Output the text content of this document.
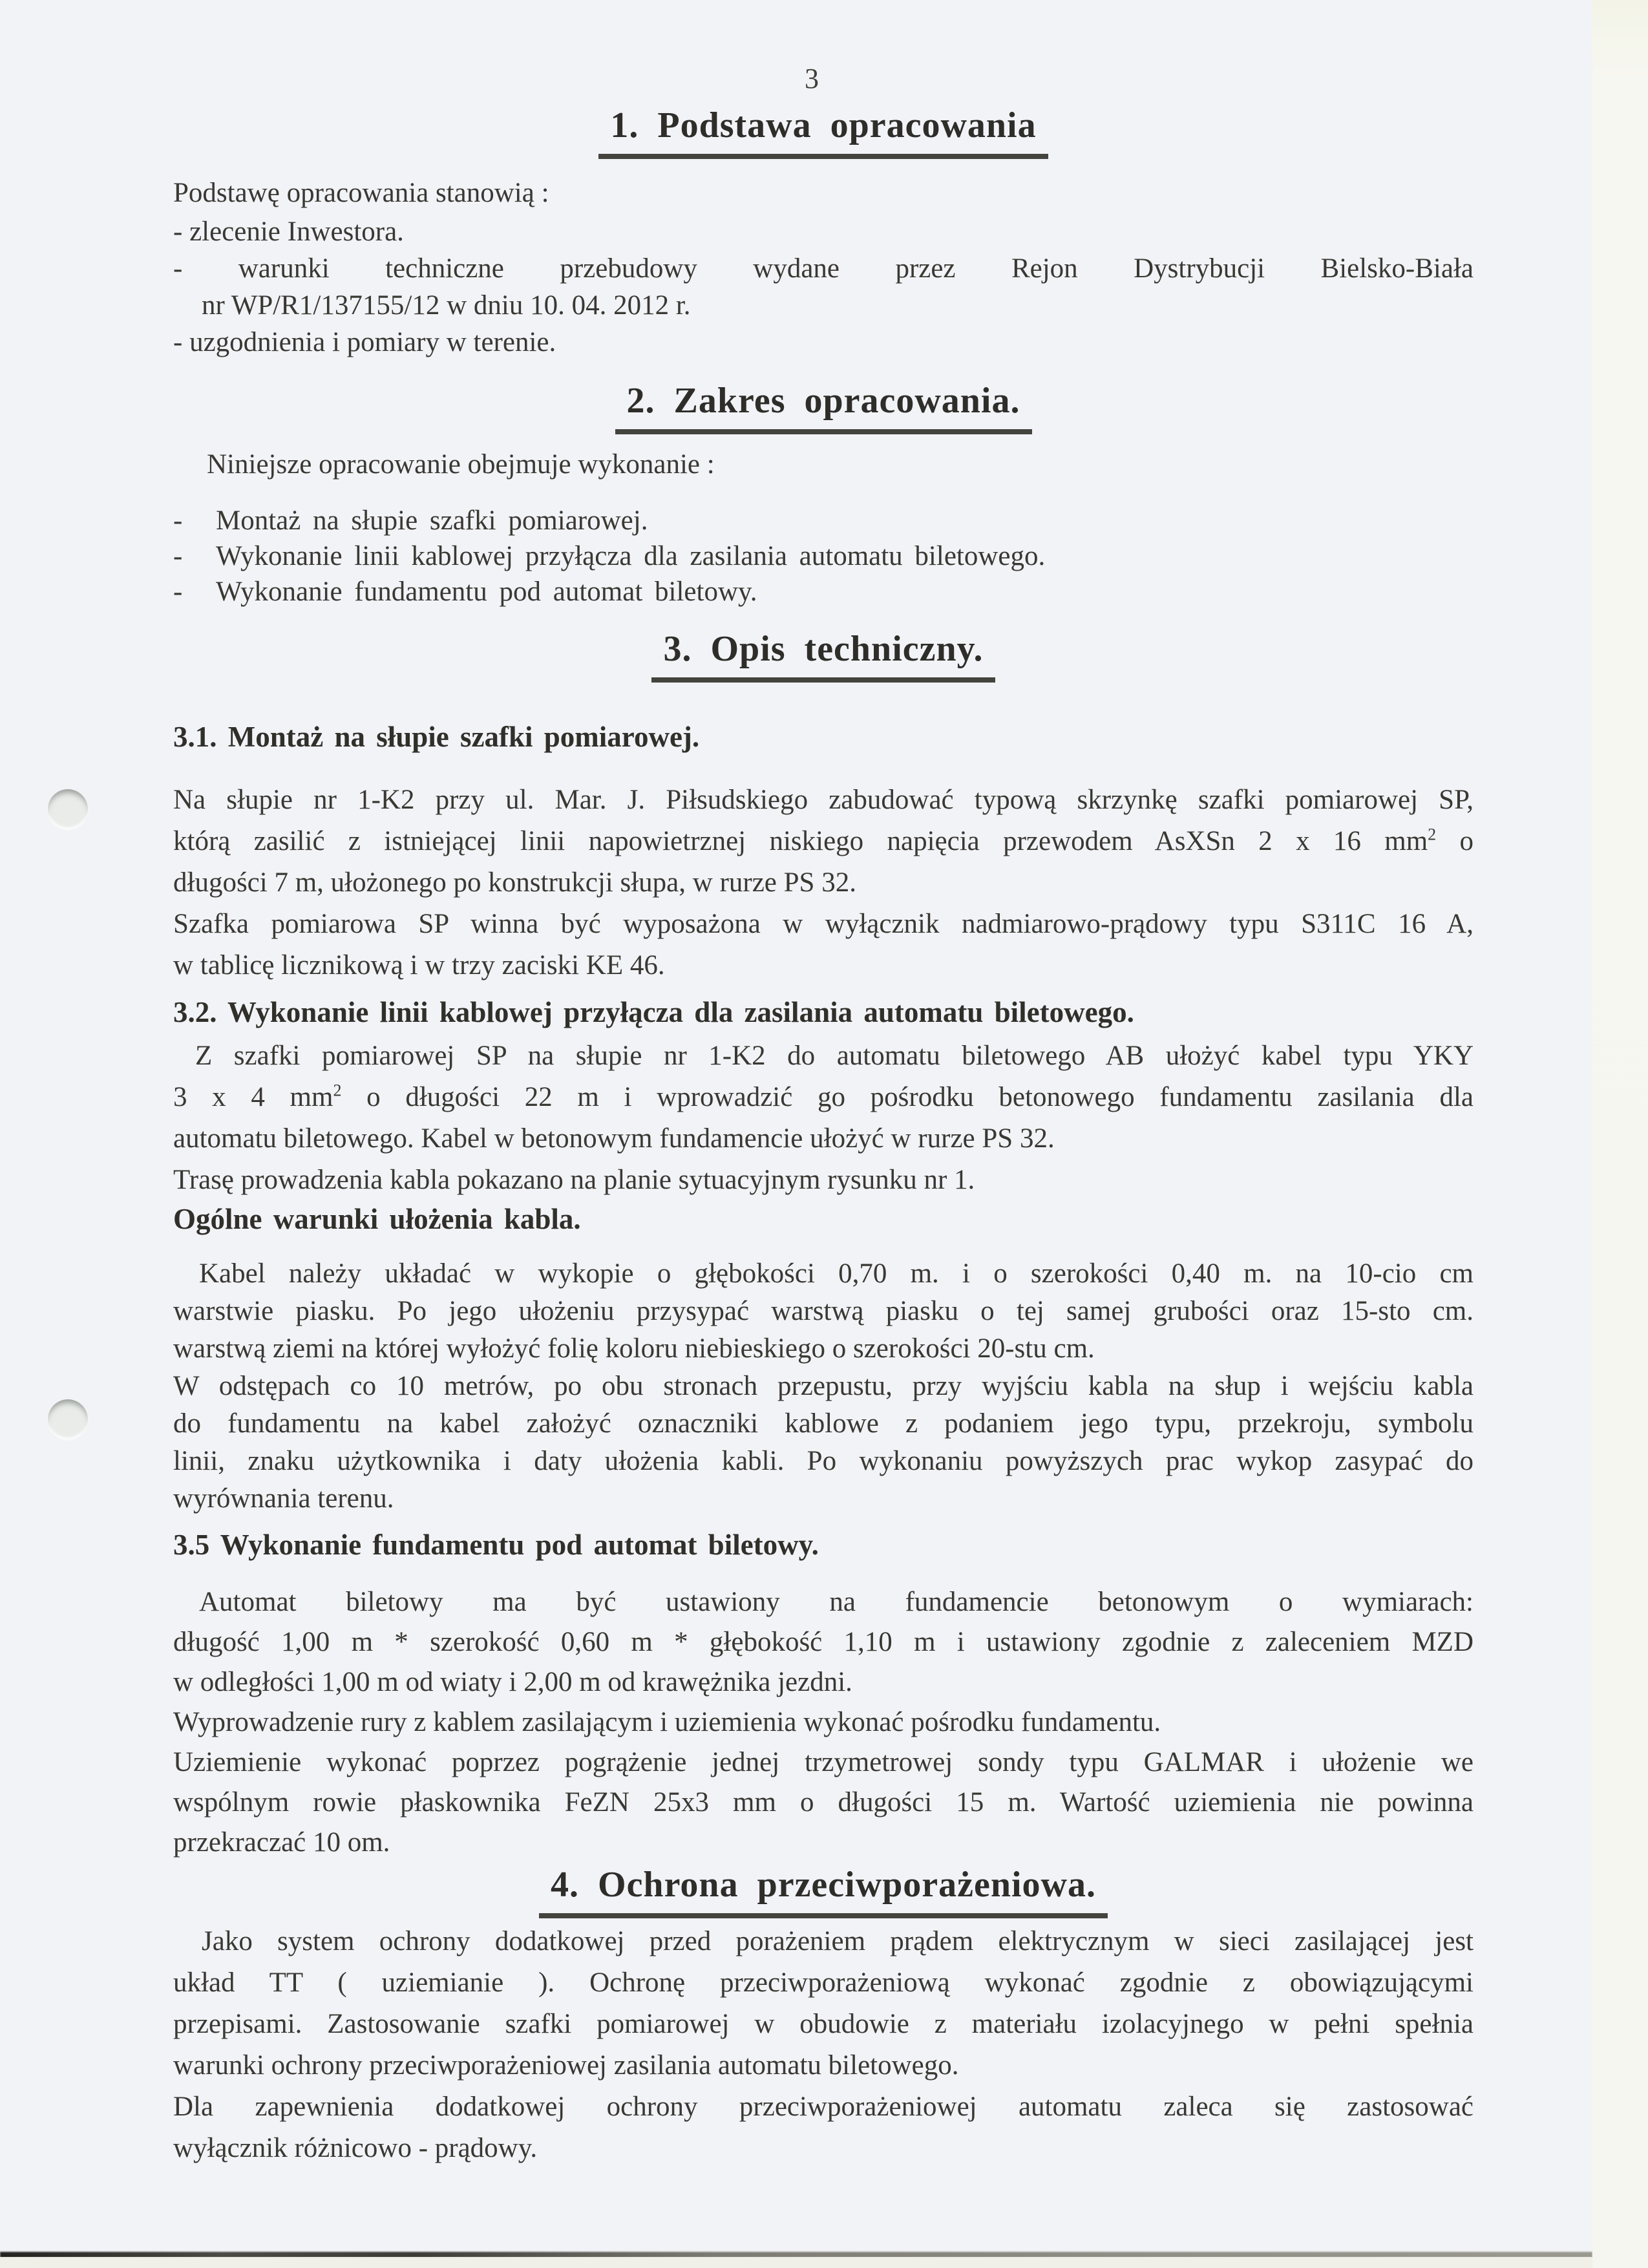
3
1. Podstawa opracowania
Podstawę opracowania stanowią :
- zlecenie Inwestora.
- warunki techniczne przebudowy wydane przez Rejon Dystrybucji Bielsko-Biała
nr WP/R1/137155/12 w dniu 10. 04. 2012 r.
- uzgodnienia i pomiary w terenie.
2. Zakres opracowania.
Niniejsze opracowanie obejmuje wykonanie :
-	Montaż na słupie szafki pomiarowej.
-	Wykonanie linii kablowej przyłącza dla zasilania automatu biletowego.
-	Wykonanie fundamentu pod automat biletowy.
3. Opis techniczny.
3.1. Montaż na słupie szafki pomiarowej.
Na słupie nr 1-K2 przy ul. Mar. J. Piłsudskiego zabudować typową skrzynkę szafki pomiarowej SP,
którą zasilić z istniejącej linii napowietrznej niskiego napięcia przewodem AsXSn 2 x 16 $mm^2$ o
długości 7 m, ułożonego po konstrukcji słupa, w rurze PS 32.
Szafka pomiarowa SP winna być wyposażona w wyłącznik nadmiarowo-prądowy typu S311C 16 A,
w tablicę licznikową i w trzy zaciski KE 46.
3.2. Wykonanie linii kablowej przyłącza dla zasilania automatu biletowego.
Z szafki pomiarowej SP na słupie nr 1-K2 do automatu biletowego AB ułożyć kabel typu YKY
3 x 4 $mm^2$ o długości 22 m i wprowadzić go pośrodku betonowego fundamentu zasilania dla
automatu biletowego. Kabel w betonowym fundamencie ułożyć w rurze PS 32.
Trasę prowadzenia kabla pokazano na planie sytuacyjnym rysunku nr 1.
Ogólne warunki ułożenia kabla.
Kabel należy układać w wykopie o głębokości 0,70 m. i o szerokości 0,40 m. na 10-cio cm
warstwie piasku. Po jego ułożeniu przysypać warstwą piasku o tej samej grubości oraz 15-sto cm.
warstwą ziemi na której wyłożyć folię koloru niebieskiego o szerokości 20-stu cm.
W odstępach co 10 metrów, po obu stronach przepustu, przy wyjściu kabla na słup i wejściu kabla
do fundamentu na kabel założyć oznaczniki kablowe z podaniem jego typu, przekroju, symbolu
linii, znaku użytkownika i daty ułożenia kabli. Po wykonaniu powyższych prac wykop zasypać do
wyrównania terenu.
3.5 Wykonanie fundamentu pod automat biletowy.
Automat biletowy ma być ustawiony na fundamencie betonowym o wymiarach:
długość 1,00 m * szerokość 0,60 m * głębokość 1,10 m i ustawiony zgodnie z zaleceniem MZD
w odległości 1,00 m od wiaty i 2,00 m od krawężnika jezdni.
Wyprowadzenie rury z kablem zasilającym i uziemienia wykonać pośrodku fundamentu.
Uziemienie wykonać poprzez pogrążenie jednej trzymetrowej sondy typu GALMAR i ułożenie we
wspólnym rowie płaskownika FeZN 25x3 mm o długości 15 m. Wartość uziemienia nie powinna
przekraczać 10 om.
4. Ochrona przeciwporażeniowa.
Jako system ochrony dodatkowej przed porażeniem prądem elektrycznym w sieci zasilającej jest
układ TT ( uziemianie ). Ochronę przeciwporażeniową wykonać zgodnie z obowiązującymi
przepisami. Zastosowanie szafki pomiarowej w obudowie z materiału izolacyjnego w pełni spełnia
warunki ochrony przeciwporażeniowej zasilania automatu biletowego.
Dla zapewnienia dodatkowej ochrony przeciwporażeniowej automatu zaleca się zastosować
wyłącznik różnicowo - prądowy.
